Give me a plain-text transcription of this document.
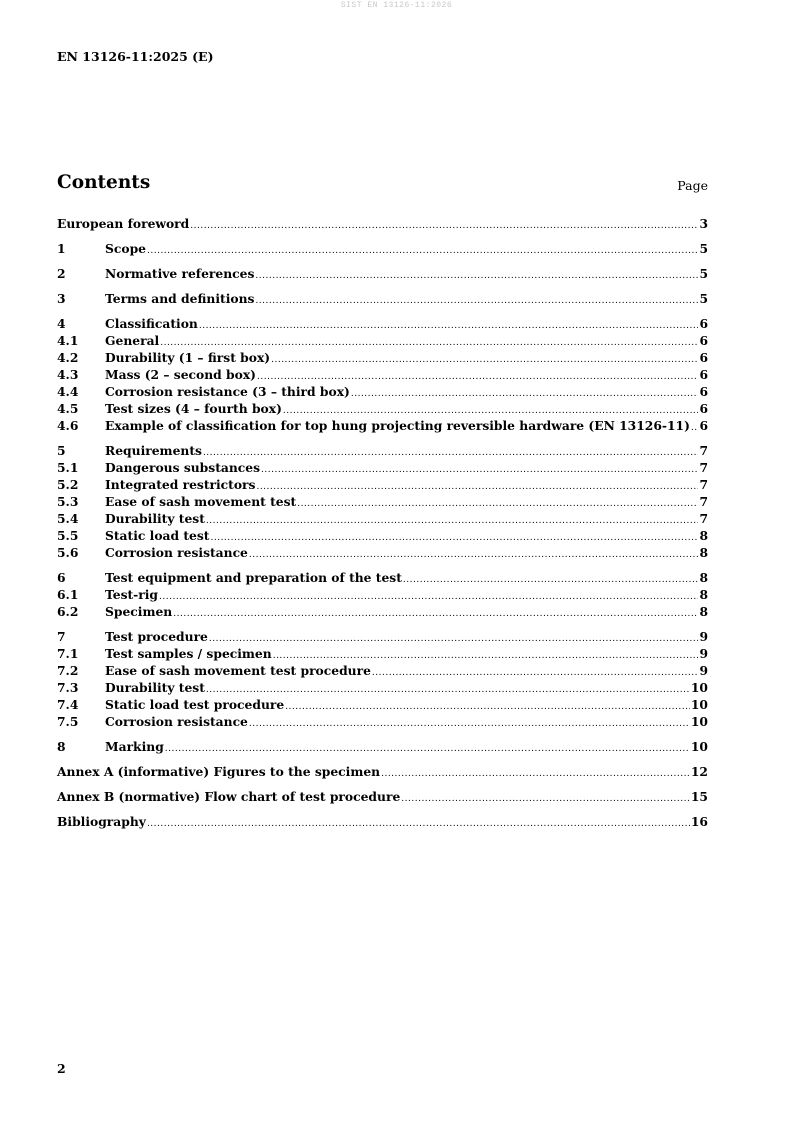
SIST EN 13126-11:2026
EN 13126-11:2025 (E)
Contents	Page
European foreword .....	3
1	Scope .....	5
2	Normative references .....	5
3	Terms and definitions .....	5
4	Classification .....	6
4.1	General .....	6
4.2	Durability (1 – first box) .....	6
4.3	Mass (2 – second box) .....	6
4.4	Corrosion resistance (3 – third box) .....	6
4.5	Test sizes (4 – fourth box) .....	6
4.6	Example of classification for top hung projecting reversible hardware (EN 13126-11) ..... 6
5	Requirements .....	7
5.1	Dangerous substances .....	7
5.2	Integrated restrictors .....	7
5.3	Ease of sash movement test .....	7
5.4	Durability test .....	7
5.5	Static load test .....	8
5.6	Corrosion resistance .....	8
6	Test equipment and preparation of the test .....	8
6.1	Test-rig .....	8
6.2	Specimen .....	8
7	Test procedure .....	9
7.1	Test samples / specimen .....	9
7.2	Ease of sash movement test procedure .....	9
7.3	Durability test .....	10
7.4	Static load test procedure .....	10
7.5	Corrosion resistance .....	10
8	Marking .....	10
Annex A (informative) Figures to the specimen .....	12
Annex B (normative) Flow chart of test procedure .....	15
Bibliography .....	16
2
